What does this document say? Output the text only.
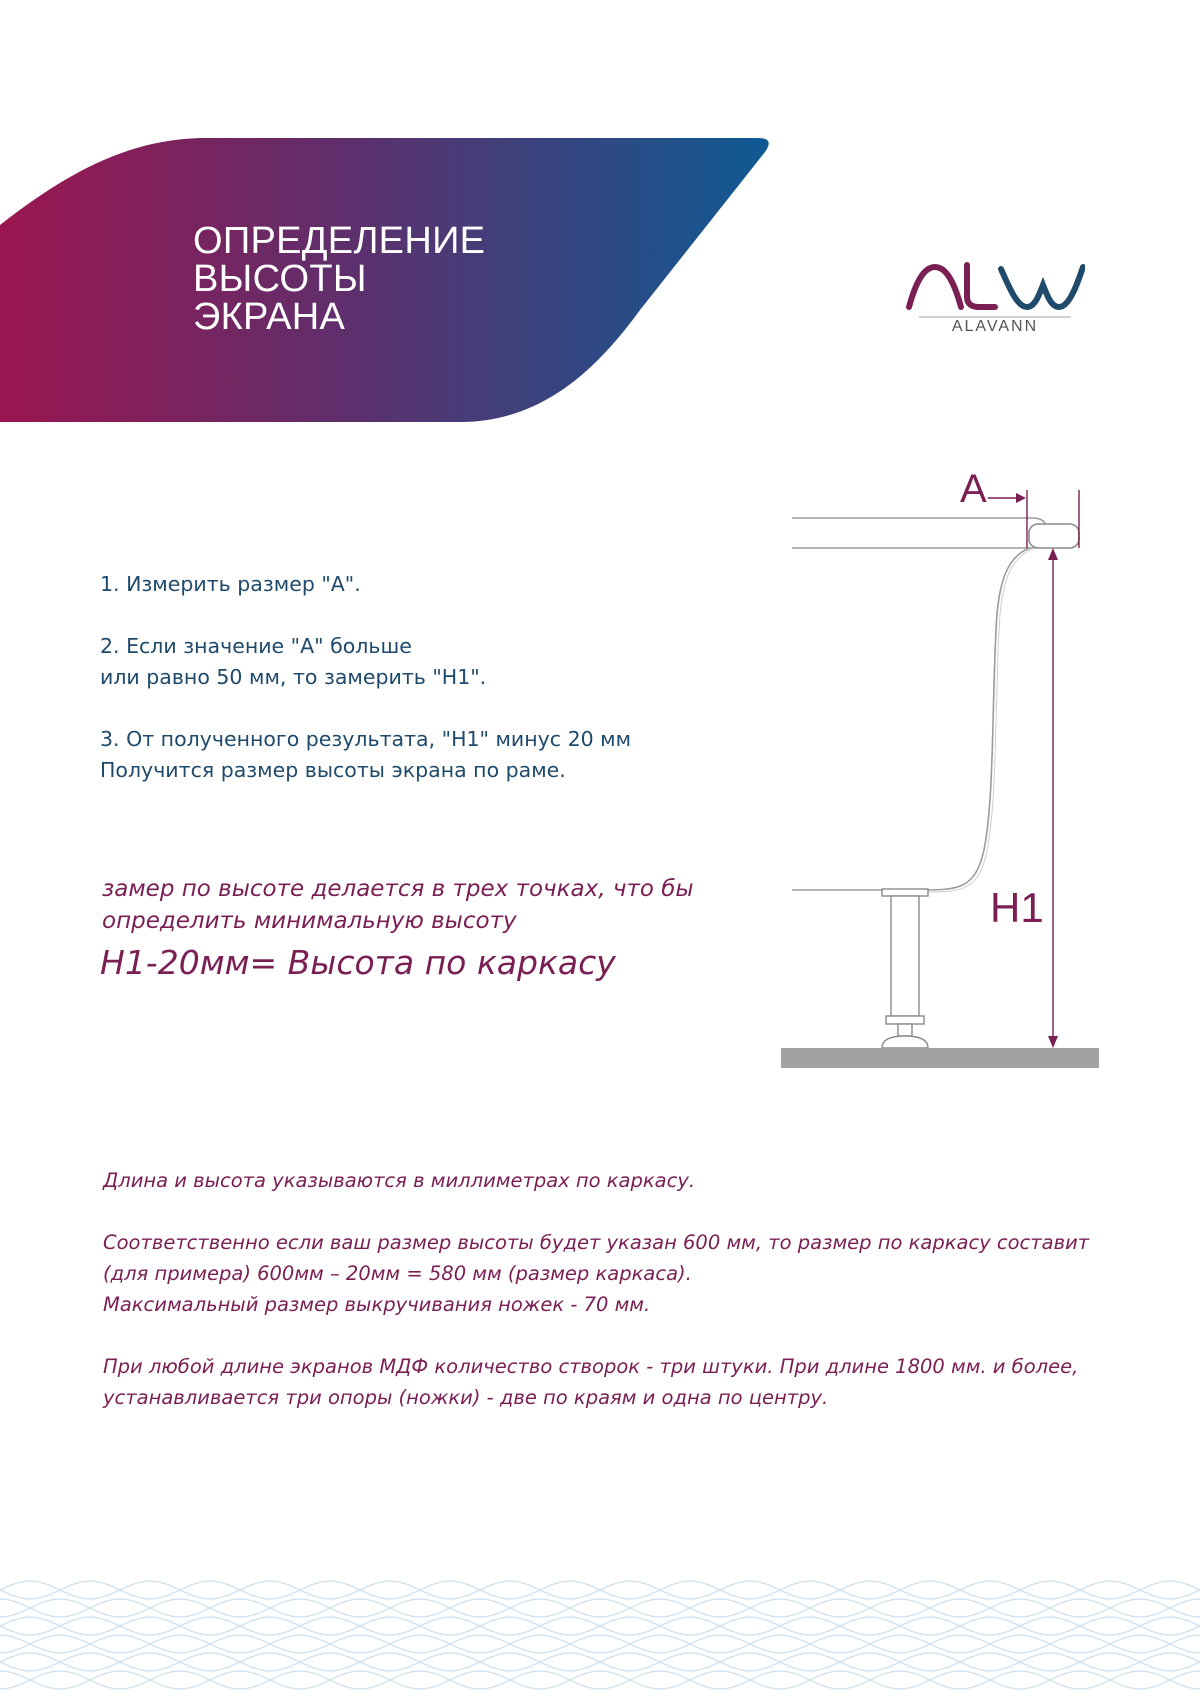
ОПРЕДЕЛЕНИЕ
ВЫСОТЫ
ЭКРАНА	ALAVANN
1. Измерить размер "А".
2. Если значение "А" больше
или равно 50 мм, то замерить "Н1".
3. От полученного результата, "Н1" минус 20 мм
Получится размер высоты экрана по раме.
замер по высоте делается в трех точках, что бы
определить минимальную высоту
Н1-20мм= Высота по каркасу
А
Н1
Длина и высота указываются в миллиметрах по каркасу.
Соответственно если ваш размер высоты будет указан 600 мм, то размер по каркасу составит
(для примера) 600мм – 20мм = 580 мм (размер каркаса).
Максимальный размер выкручивания ножек - 70 мм.
При любой длине экранов МДФ количество створок - три штуки. При длине 1800 мм. и более,
устанавливается три опоры (ножки) - две по краям и одна по центру.
